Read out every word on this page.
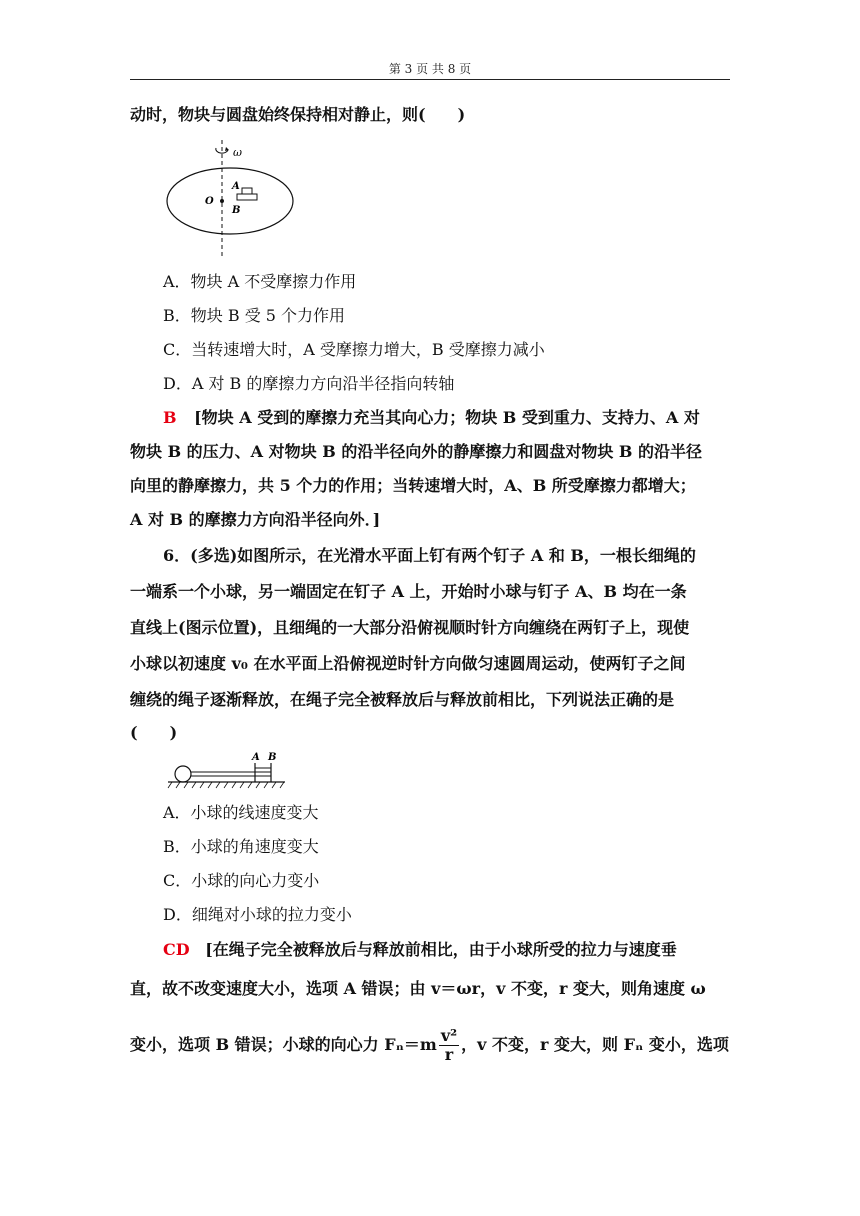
第 3 页 共 8 页
动时，物块与圆盘始终保持相对静止，则(　　)
ω
O
A
B
A．物块 A 不受摩擦力作用
B．物块 B 受 5 个力作用
C．当转速增大时，A 受摩擦力增大，B 受摩擦力减小
D．A 对 B 的摩擦力方向沿半径指向转轴
B [物块 A 受到的摩擦力充当其向心力；物块 B 受到重力、支持力、A 对
物块 B 的压力、A 对物块 B 的沿半径向外的静摩擦力和圆盘对物块 B 的沿半径
向里的静摩擦力，共 5 个力的作用；当转速增大时，A、B 所受摩擦力都增大；
A 对 B 的摩擦力方向沿半径向外．]
6．(多选)如图所示，在光滑水平面上钉有两个钉子 A 和 B，一根长细绳的
一端系一个小球，另一端固定在钉子 A 上，开始时小球与钉子 A、B 均在一条
直线上(图示位置)，且细绳的一大部分沿俯视顺时针方向缠绕在两钉子上，现使
小球以初速度 v₀ 在水平面上沿俯视逆时针方向做匀速圆周运动，使两钉子之间
缠绕的绳子逐渐释放，在绳子完全被释放后与释放前相比，下列说法正确的是
(　　)
A B
A．小球的线速度变大
B．小球的角速度变大
C．小球的向心力变小
D．细绳对小球的拉力变小
CD [在绳子完全被释放后与释放前相比，由于小球所受的拉力与速度垂
直，故不改变速度大小，选项 A 错误；由 v＝ωr，v 不变，r 变大，则角速度 ω
变小，选项 B 错误；小球的向心力 $F_n=m \frac{\text{v²}}{r}$ ，v 不变，r 变大，则 Fₙ 变小，选项
